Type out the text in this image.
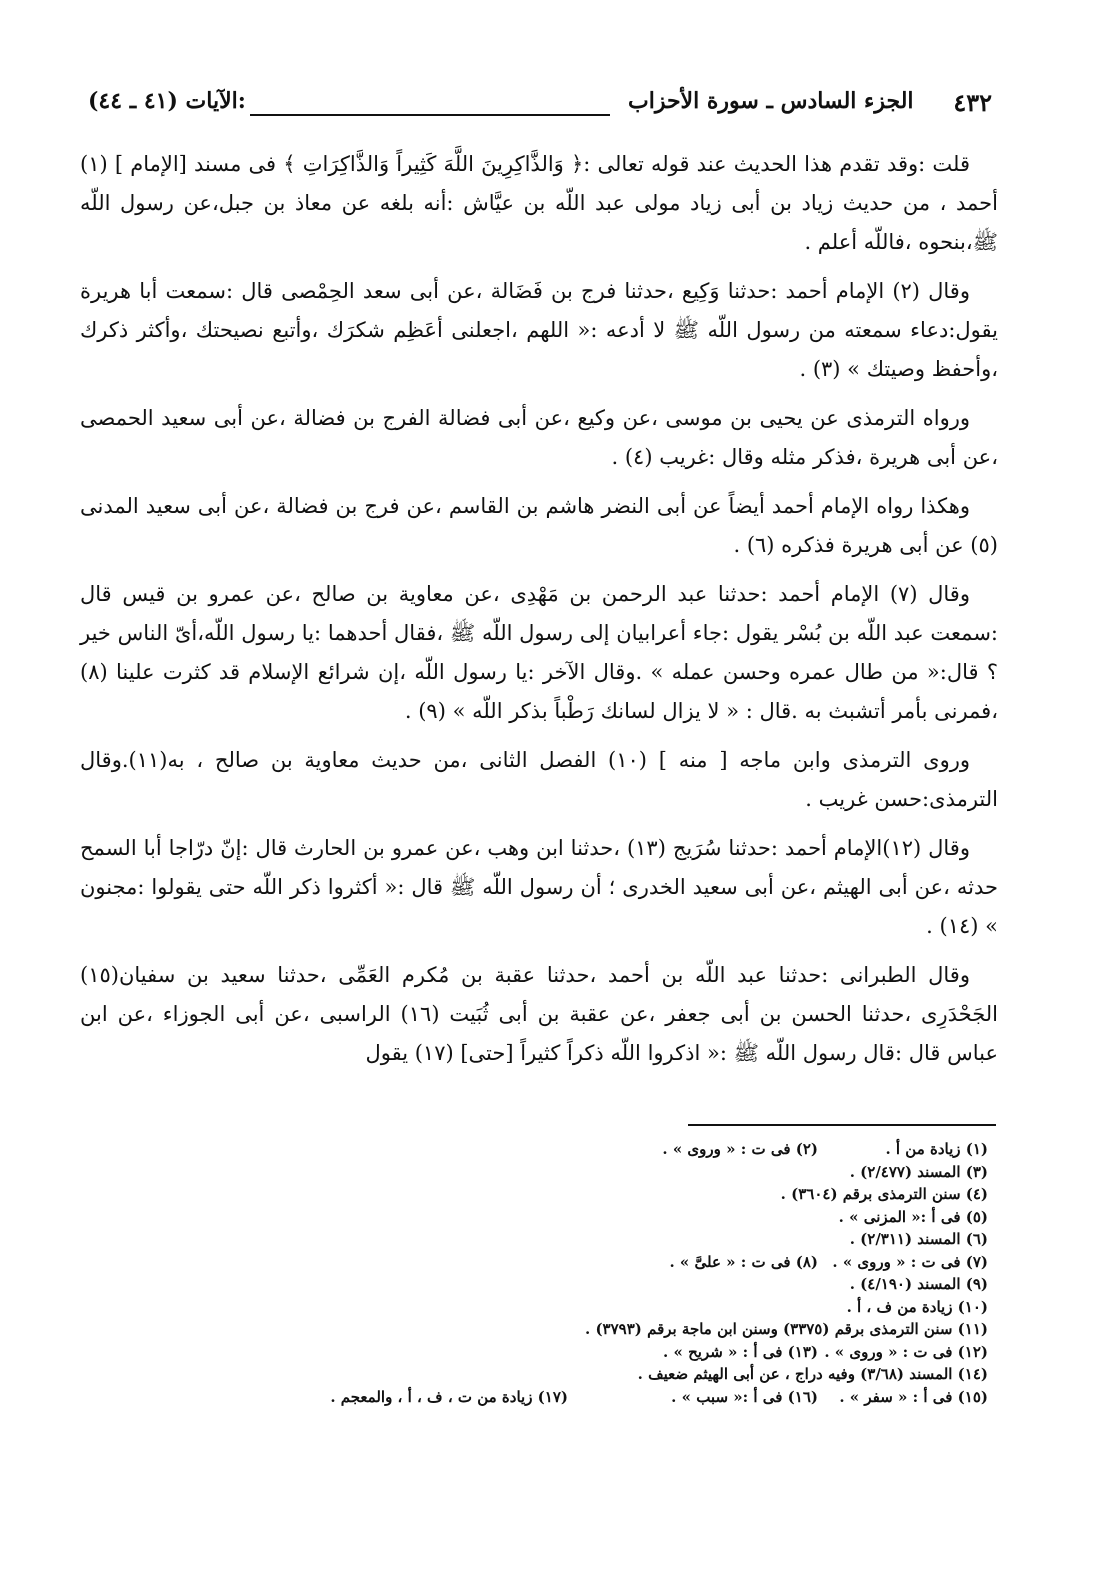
٤٣٢
الجزء السادس ـ سورة الأحزاب
:الآيات (٤١ ـ ٤٤)

قلت :وقد تقدم هذا الحديث عند قوله تعالى :﴿ وَالذَّاكِرِينَ اللَّهَ كَثِيراً وَالذَّاكِرَاتِ ﴾ فى مسند [الإمام ] (١) أحمد ، من حديث زياد بن أبى زياد مولى عبد اللّه بن عيَّاش :أنه بلغه عن معاذ بن جبل،عن رسول اللّه ﷺ،بنحوه ،فاللّه أعلم .

وقال (٢) الإمام أحمد :حدثنا وَكِيع ،حدثنا فرج بن فَضَالة ،عن أبى سعد الحِمْصى قال :سمعت أبا هريرة يقول:دعاء سمعته من رسول اللّه ﷺ لا أدعه :« اللهم ،اجعلنى أعَظِم شكرَك ،وأتبع نصيحتك ،وأكثر ذكرك ،وأحفظ وصيتك » (٣) .

ورواه الترمذى عن يحيى بن موسى ،عن وكيع ،عن أبى فضالة الفرج بن فضالة ،عن أبى سعيد الحمصى ،عن أبى هريرة ،فذكر مثله وقال :غريب (٤) .

وهكذا رواه الإمام أحمد أيضاً عن أبى النضر هاشم بن القاسم ،عن فرج بن فضالة ،عن أبى سعيد المدنى (٥) عن أبى هريرة فذكره (٦) .

وقال (٧) الإمام أحمد :حدثنا عبد الرحمن بن مَهْدِى ،عن معاوية بن صالح ،عن عمرو بن قيس قال :سمعت عبد اللّه بن بُسْر يقول :جاء أعرابيان إلى رسول اللّه ﷺ ،فقال أحدهما :يا رسول اللّه،أىّ الناس خير ؟ قال:« من طال عمره وحسن عمله » .وقال الآخر :يا رسول اللّه ،إن شرائع الإسلام قد كثرت علينا (٨) ،فمرنى بأمر أتشبث به .قال : « لا يزال لسانك رَطْباً بذكر اللّه » (٩) .

وروى الترمذى وابن ماجه [ منه ] (١٠) الفصل الثانى ،من حديث معاوية بن صالح ، به(١١).وقال الترمذى:حسن غريب .

وقال (١٢)الإمام أحمد :حدثنا سُرَيج (١٣) ،حدثنا ابن وهب ،عن عمرو بن الحارث قال :إنّ درّاجا أبا السمح حدثه ،عن أبى الهيثم ،عن أبى سعيد الخدرى ؛ أن رسول اللّه ﷺ قال :« أكثروا ذكر اللّه حتى يقولوا :مجنون » (١٤) .

وقال الطبرانى :حدثنا عبد اللّه بن أحمد ،حدثنا عقبة بن مُكرم العَمِّى ،حدثنا سعيد بن سفيان(١٥) الجَحْدَرِى ،حدثنا الحسن بن أبى جعفر ،عن عقبة بن أبى ثُبَيت (١٦) الراسبى ،عن أبى الجوزاء ،عن ابن عباس قال :قال رسول اللّه ﷺ :« اذكروا اللّه ذكراً كثيراً [حتى] (١٧) يقول

(١) زيادة من أ .
(٢) فى ت : « وروى » .
(٣) المسند (٢/٤٧٧) .
(٤) سنن الترمذى برقم (٣٦٠٤) .
(٥) فى أ :« المزنى » .
(٦) المسند (٢/٣١١) .
(٧) فى ت : « وروى » .
(٨) فى ت : « علىَّ » .
(٩) المسند (٤/١٩٠) .
(١٠) زيادة من ف ، أ .
(١١) سنن الترمذى برقم (٣٣٧٥) وسنن ابن ماجة برقم (٣٧٩٣) .
(١٢) فى ت : « وروى » .
(١٣) فى أ : « شريح » .
(١٤) المسند (٣/٦٨) وفيه دراج ، عن أبى الهيثم ضعيف .
(١٥) فى أ : « سفر » .
(١٦) فى أ :« سبب » .
(١٧) زيادة من ت ، ف ، أ ، والمعجم .
